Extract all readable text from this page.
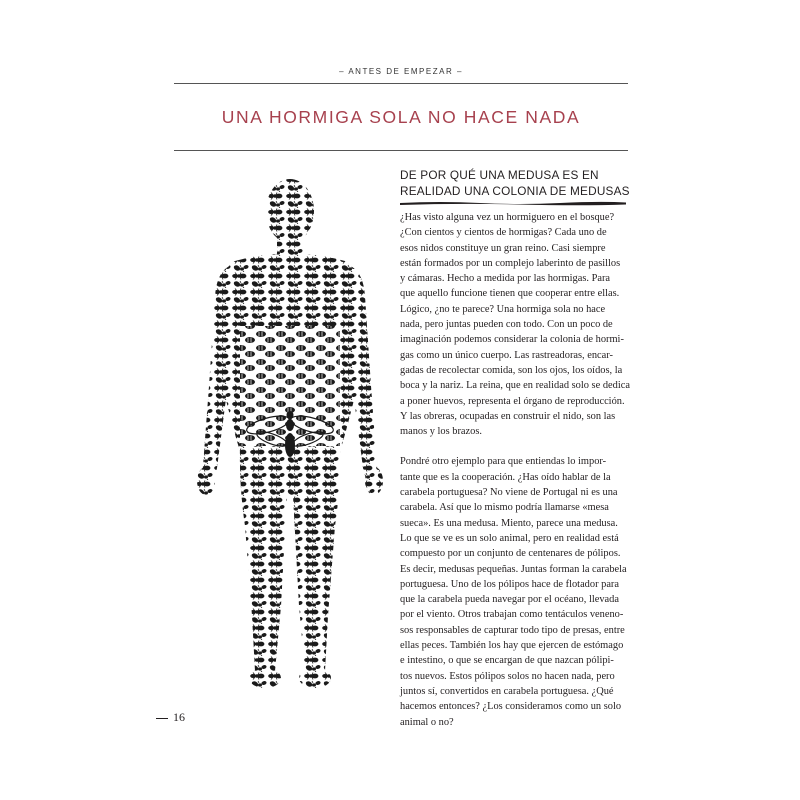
– ANTES DE EMPEZAR –
UNA HORMIGA SOLA NO HACE NADA
DE POR QUÉ UNA MEDUSA ES EN
REALIDAD UNA COLONIA DE MEDUSAS

¿Has visto alguna vez un hormiguero en el bosque?
¿Con cientos y cientos de hormigas? Cada uno de
esos nidos constituye un gran reino. Casi siempre
están formados por un complejo laberinto de pasillos
y cámaras. Hecho a medida por las hormigas. Para
que aquello funcione tienen que cooperar entre ellas.
Lógico, ¿no te parece? Una hormiga sola no hace
nada, pero juntas pueden con todo. Con un poco de
imaginación podemos considerar la colonia de hormi-
gas como un único cuerpo. Las rastreadoras, encar-
gadas de recolectar comida, son los ojos, los oídos, la
boca y la nariz. La reina, que en realidad solo se dedica
a poner huevos, representa el órgano de reproducción.
Y las obreras, ocupadas en construir el nido, son las
manos y los brazos.

Pondré otro ejemplo para que entiendas lo impor-
tante que es la cooperación. ¿Has oído hablar de la
carabela portuguesa? No viene de Portugal ni es una
carabela. Así que lo mismo podría llamarse «mesa
sueca». Es una medusa. Miento, parece una medusa.
Lo que se ve es un solo animal, pero en realidad está
compuesto por un conjunto de centenares de pólipos.
Es decir, medusas pequeñas. Juntas forman la carabela
portuguesa. Uno de los pólipos hace de flotador para
que la carabela pueda navegar por el océano, llevada
por el viento. Otros trabajan como tentáculos veneno-
sos responsables de capturar todo tipo de presas, entre
ellas peces. También los hay que ejercen de estómago
e intestino, o que se encargan de que nazcan pólipi-
tos nuevos. Estos pólipos solos no hacen nada, pero
juntos sí, convertidos en carabela portuguesa. ¿Qué
hacemos entonces? ¿Los consideramos como un solo
animal o no?

16
